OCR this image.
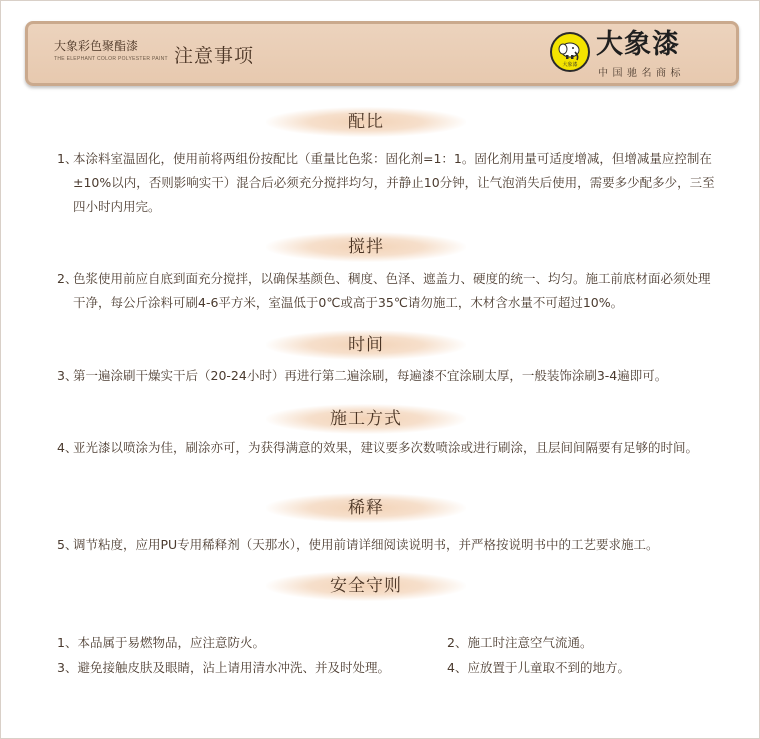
大象彩色聚酯漆
THE ELEPHANT COLOR POLYESTER PAINT 注意事项	大象漆
大象漆
中国驰名商标
配比
1、
本涂料室温固化，使用前将两组份按配比（重量比色浆：固化剂=1：1。固化剂用量可适度增减，但增减量应控制在±10%以内，否则影响实干）混合后必须充分搅拌均匀，并静止10分钟，让气泡消失后使用，需要多少配多少，三至四小时内用完。
搅拌
2、
色浆使用前应自底到面充分搅拌，以确保基颜色、稠度、色泽、遮盖力、硬度的统一、均匀。施工前底材面必须处理干净，每公斤涂料可刷4-6平方米，室温低于0℃或高于35℃请勿施工，木材含水量不可超过10%。
时间
3、
第一遍涂刷干燥实干后（20-24小时）再进行第二遍涂刷，每遍漆不宜涂刷太厚，一般装饰涂刷3-4遍即可。
施工方式
4、
亚光漆以喷涂为佳，刷涂亦可，为获得满意的效果，建议要多次数喷涂或进行刷涂，且层间间隔要有足够的时间。
稀释
5、
调节粘度，应用PU专用稀释剂（天那水），使用前请详细阅读说明书，并严格按说明书中的工艺要求施工。
安全守则
1、本品属于易燃物品，应注意防火。	2、施工时注意空气流通。
3、避免接触皮肤及眼睛，沾上请用清水冲洗、并及时处理。	4、应放置于儿童取不到的地方。
